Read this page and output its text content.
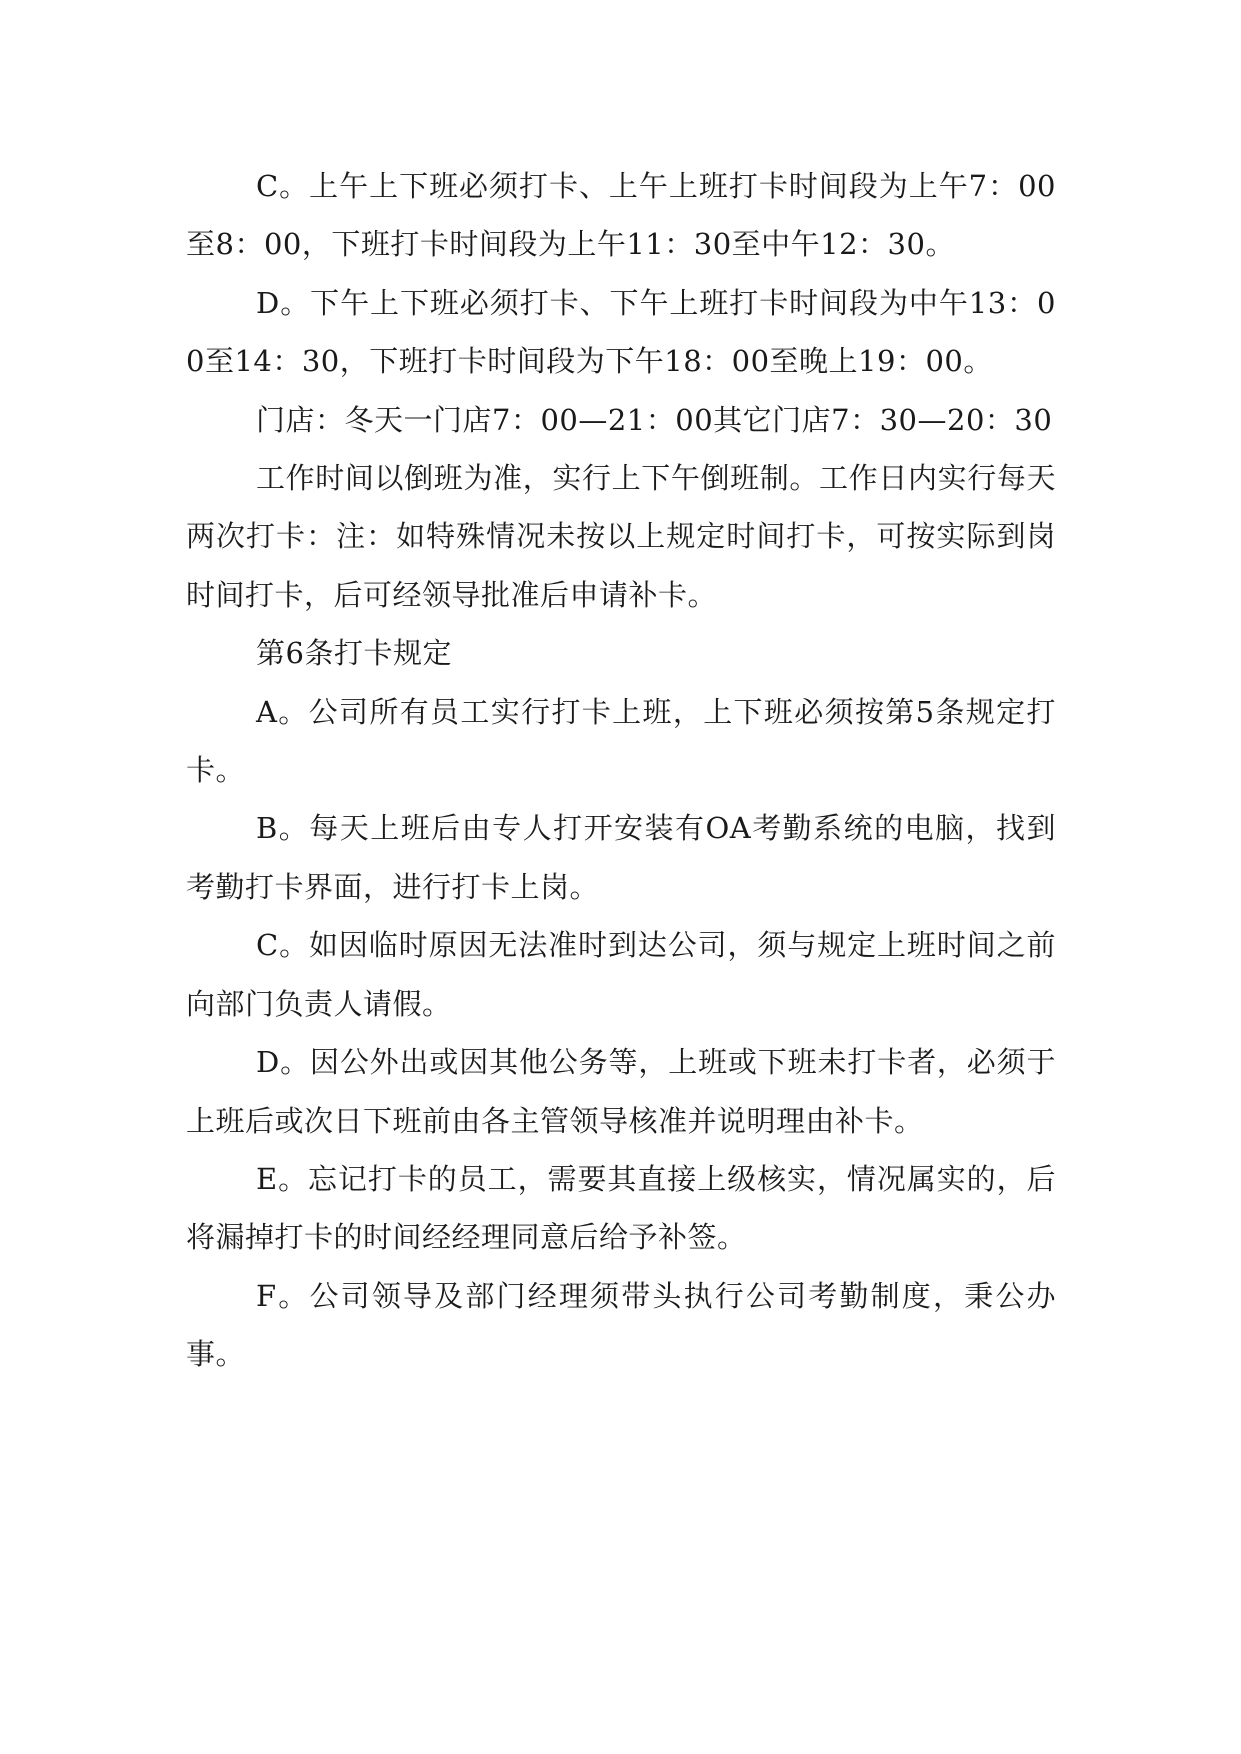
C。上午上下班必须打卡、上午上班打卡时间段为上午7：00至8：00，下班打卡时间段为上午11：30至中午12：30。

D。下午上下班必须打卡、下午上班打卡时间段为中午13：00至14：30，下班打卡时间段为下午18：00至晚上19：00。

门店：冬天一门店7：00—21：00其它门店7：30—20：30

工作时间以倒班为准，实行上下午倒班制。工作日内实行每天两次打卡：注：如特殊情况未按以上规定时间打卡，可按实际到岗时间打卡，后可经领导批准后申请补卡。

第6条打卡规定

A。公司所有员工实行打卡上班，上下班必须按第5条规定打卡。

B。每天上班后由专人打开安装有OA考勤系统的电脑，找到考勤打卡界面，进行打卡上岗。

C。如因临时原因无法准时到达公司，须与规定上班时间之前向部门负责人请假。

D。因公外出或因其他公务等，上班或下班未打卡者，必须于上班后或次日下班前由各主管领导核准并说明理由补卡。

E。忘记打卡的员工，需要其直接上级核实，情况属实的，后将漏掉打卡的时间经经理同意后给予补签。

F。公司领导及部门经理须带头执行公司考勤制度，秉公办事。
